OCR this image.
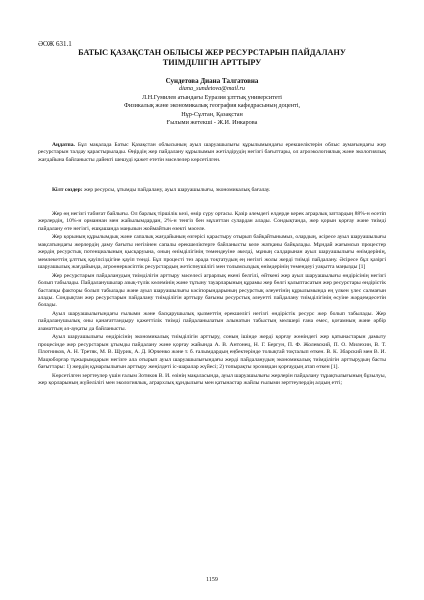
ӘОЖ 631.1
БАТЫС ҚАЗАҚСТАН ОБЛЫСЫ ЖЕР РЕСУРСТАРЫН ПАЙДАЛАНУ ТИІМДІЛІГІН АРТТЫРУ
Сундетова Диана Талгатовна
diana_sundetova@mail.ru
Л.Н.Гумилев атындағы Еуразия ұлттық университеті
Физикалық және экономикалық география кафедрасының доценті,
Нұр-Сұлтан, Қазақстан
Ғылыми жетекші - Ж.И. Инкарова

Аңдатпа. Бұл мақалада Батыс Қазақстан облысының ауыл шаруашылығы құрылымындағы ерекшеліктерін облыс аумағындағы жер ресурстарын талдау қарастырылады. Өңірдің жер пайдалану құрылымын жетілдірудің негізгі бағыттары, ол агроэкологиялық және экологиялық жағдайына байланысты дайекті шешуді қажет ететін мәселелер көрсетілген.

Кілт сөздер: жер ресурсы, ұтымды пайдалану, ауыл шаруашылығы, экономикалық бағалау.

Жер өң негізгі табиғат байлығы. Ол барлық тіршілік кезі, өмір сүру ортасы. Қазір әлемдегі елдерде керек аграрлық заттардың 88%-н өсетіп жерлердің, 10%-н орманнан мен жайылымдардан, 2%-н тенгіз бен мұхиттан сулардан алады. Сондықтанда, жер қорын қорғау және тиімді пайдалану өте негізгі, ешқашанда маңызын жоймайтын өзекті мәселе.

Жер қорының құрылымдық және сапалық жағдайының өзгерісі қарастыру отырып байқайтынымыз, олардың, әсіресе ауыл шаруашылығы мақсатындағы жерлердің даму бағыты негізінен сапалы ерекшеліктерге байланысты келе жатқаны байқалады. Мұндай жағымсыз процестер жердің ресурстық потенциалының қысқаруына, оның өнімділігінің төмендеуіне әкелді, мұның салдарынан ауыл шаруашылығы өнімдерінің, мемлекеттің ұлттық қауіпсіздігіне қауіп төнді. Бұл процесті тез арада тоқтатудың ең негізгі жолы жерді тиімді пайдалану. Әсіресе бұл қазіргі шаруашылық жағдайында, агроөнеркәсіптік ресурстардың жетіспеушілігі мен толымсыздық өнімдерінің төмендеуі уақытта маңызды [1]

Жер ресурстарын пайдаланудың тиімділігін арттыру мәселесі аграрлық екені белгілі, өйткені жер ауыл шаруашылығы өндірісінің негізгі болып табылады. Пайдаланушылар азық-түлік көлемінің және тұтыну тауарларының құрамы жер бөлгі қалыптасатын жер ресурстары өндірістік бастапқы факторы болып табылады және ауыл шаруашылығы кәсіпорындарының ресурстық әлеуетінің құрылымында ең үлкен үлес салмағын алады. Сондықтан жер ресурстарын пайдалану тиімділігін арттыру бағыны ресурстық әлеуетті пайдалану тиімділігінің өсуіне жәрдемдесетін болады.

Ауыл шаруашылығындағы ғылыми және басқарушылық қызметтің ерекшелігі негізгі өндірістік ресурс жер болып табылады. Жер пайдаланушылық оны қанағаттандыру қажеттілік тиімді пайдаланылатын алынатын табыстың мөлшері ғана емес, қоғамның және әрбір азаматтың әл-ауқаты да байланысты.

Ауыл шаруашылығы өндірісінің экономикалық тиімділігін арттыру, соның ішінде жерді қорғау жөніндегі жер қатынастарын дамыту процесінде жер ресурстарын ұтымды пайдалану және қорғау жайында А. В. Антонец, Н. Г. Бергун, П. Ф. Жолевский, П. О. Милехин, В. Т. Плотников, А. Н. Третяк, М. В. Щурик, А. Д. Юрченко және т. б. ғалымдардың еңбектерінде толықтай тоқталып өткен. В. К. Збарский мен В. И. Мацюборғар тұжырымдарын негізге ала отырып ауыл шаруашылығындағы жерді пайдаланудың экономикалық тиімділігін арттырудың басты бағыттары: 1) жердің құнарлылығын арттыру жеңілдеті іс-шаралар жүйесі; 2) топырақты эрозиядан қорғаудың атап өткен [1].

Көрсетілген зерттеулер үшін ғалым Зотиков В. И. өзінің мақаласында, ауыл шаруашылығы жерлерін пайдалану тұрақтылығының бұзылуы, жер қорларының жүйелілігі мен экологиялық, агрархлық құндылығы мен қатынастар жайлы ғылыми зерттеулердің алдың етті;

1159
